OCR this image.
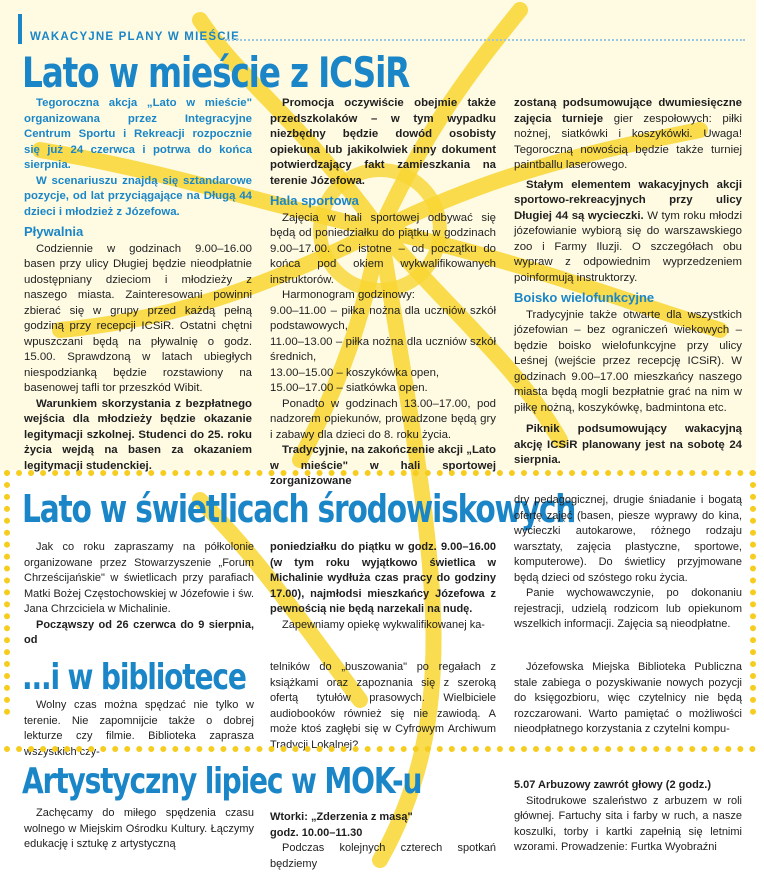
WAKACYJNE PLANY W MIEŚCIE
Lato w mieście z ICSiR

Tegoroczna akcja „Lato w mieście" organizowana przez Integracyjne Centrum Sportu i Rekreacji rozpocznie się już 24 czerwca i potrwa do końca sierpnia.

W scenariuszu znajdą się sztandarowe pozycje, od lat przyciągające na Długą 44 dzieci i młodzież z Józefowa.

Pływalnia

Codziennie w godzinach 9.00–16.00 basen przy ulicy Długiej będzie nieodpłatnie udostępniany dzieciom i młodzieży z naszego miasta. Zainteresowani powinni zbierać się w grupy przed każdą pełną godziną przy recepcji ICSiR. Ostatni chętni wpuszczani będą na pływalnię o godz. 15.00. Sprawdzoną w latach ubiegłych niespodzianką będzie rozstawiony na basenowej tafli tor przeszkód Wibit.

Warunkiem skorzystania z bezpłatnego wejścia dla młodzieży będzie okazanie legitymacji szkolnej. Studenci do 25. roku życia wejdą na basen za okazaniem legitymacji studenckiej.

Promocja oczywiście obejmie także przedszkolaków – w tym wypadku niezbędny będzie dowód osobisty opiekuna lub jakikolwiek inny dokument potwierdzający fakt zamieszkania na terenie Józefowa.

Hala sportowa

Zajęcia w hali sportowej odbywać się będą od poniedziałku do piątku w godzinach 9.00–17.00. Co istotne – od początku do końca pod okiem wykwalifikowanych instruktorów.

Harmonogram godzinowy:

9.00–11.00 – piłka nożna dla uczniów szkół podstawowych,

11.00–13.00 – piłka nożna dla uczniów szkół średnich,

13.00–15.00 – koszykówka open,

15.00–17.00 – siatkówka open.

Ponadto w godzinach 13.00–17.00, pod nadzorem opiekunów, prowadzone będą gry i zabawy dla dzieci do 8. roku życia.

Tradycyjnie, na zakończenie akcji „Lato w mieście" w hali sportowej zorganizowane

zostaną podsumowujące dwumiesięczne zajęcia turnieje gier zespołowych: piłki nożnej, siatkówki i koszykówki. Uwaga! Tegoroczną nowością będzie także turniej paintballu laserowego.

Stałym elementem wakacyjnych akcji sportowo-rekreacyjnych przy ulicy Długiej 44 są wycieczki. W tym roku młodzi józefowianie wybiorą się do warszawskiego zoo i Farmy Iluzji. O szczegółach obu wypraw z odpowiednim wyprzedzeniem poinformują instruktorzy.

Boisko wielofunkcyjne

Tradycyjnie także otwarte dla wszystkich józefowian – bez ograniczeń wiekowych – będzie boisko wielofunkcyjne przy ulicy Leśnej (wejście przez recepcję ICSiR). W godzinach 9.00–17.00 mieszkańcy naszego miasta będą mogli bezpłatnie grać na nim w piłkę nożną, koszykówkę, badmintona etc.

Piknik podsumowujący wakacyjną akcję ICSiR planowany jest na sobotę 24 sierpnia.

Lato w świetlicach środowiskowych

Jak co roku zapraszamy na półkolonie organizowane przez Stowarzyszenie „Forum Chrześcijańskie" w świetlicach przy parafiach Matki Bożej Częstochowskiej w Józefowie i św. Jana Chrzciciela w Michalinie.

Począwszy od 26 czerwca do 9 sierpnia, od

poniedziałku do piątku w godz. 9.00–16.00 (w tym roku wyjątkowo świetlica w Michalinie wydłuża czas pracy do godziny 17.00), najmłodsi mieszkańcy Józefowa z pewnością nie będą narzekali na nudę.

Zapewniamy opiekę wykwalifikowanej ka-

dry pedagogicznej, drugie śniadanie i bogatą ofertę zajęć (basen, piesze wyprawy do kina, wycieczki autokarowe, różnego rodzaju warsztaty, zajęcia plastyczne, sportowe, komputerowe). Do świetlicy przyjmowane będą dzieci od szóstego roku życia.

Panie wychowawczynie, po dokonaniu rejestracji, udzielą rodzicom lub opiekunom wszelkich informacji. Zajęcia są nieodpłatne.

...i w bibliotece

Wolny czas można spędzać nie tylko w terenie. Nie zapomnijcie także o dobrej lekturze czy filmie. Biblioteka zaprasza wszystkich czy-

telników do „buszowania" po regałach z książkami oraz zapoznania się z szeroką ofertą tytułów prasowych. Wielbiciele audiobooków również się nie zawiodą. A może ktoś zagłębi się w Cyfrowym Archiwum Tradycji Lokalnej?

Józefowska Miejska Biblioteka Publiczna stale zabiega o pozyskiwanie nowych pozycji do księgozbioru, więc czytelnicy nie będą rozczarowani. Warto pamiętać o możliwości nieodpłatnego korzystania z czytelni kompu-

Artystyczny lipiec w MOK-u

Zachęcamy do miłego spędzenia czasu wolnego w Miejskim Ośrodku Kultury. Łączymy edukację i sztukę z artystyczną

Wtorki: „Zderzenia z masą"

godz. 10.00–11.30

Podczas kolejnych czterech spotkań będziemy

5.07 Arbuzowy zawrót głowy (2 godz.)

Sitodrukowe szaleństwo z arbuzem w roli głównej. Fartuchy sita i farby w ruch, a nasze koszulki, torby i kartki zapełnią się letnimi wzorami. Prowadzenie: Furtka Wyobraźni
